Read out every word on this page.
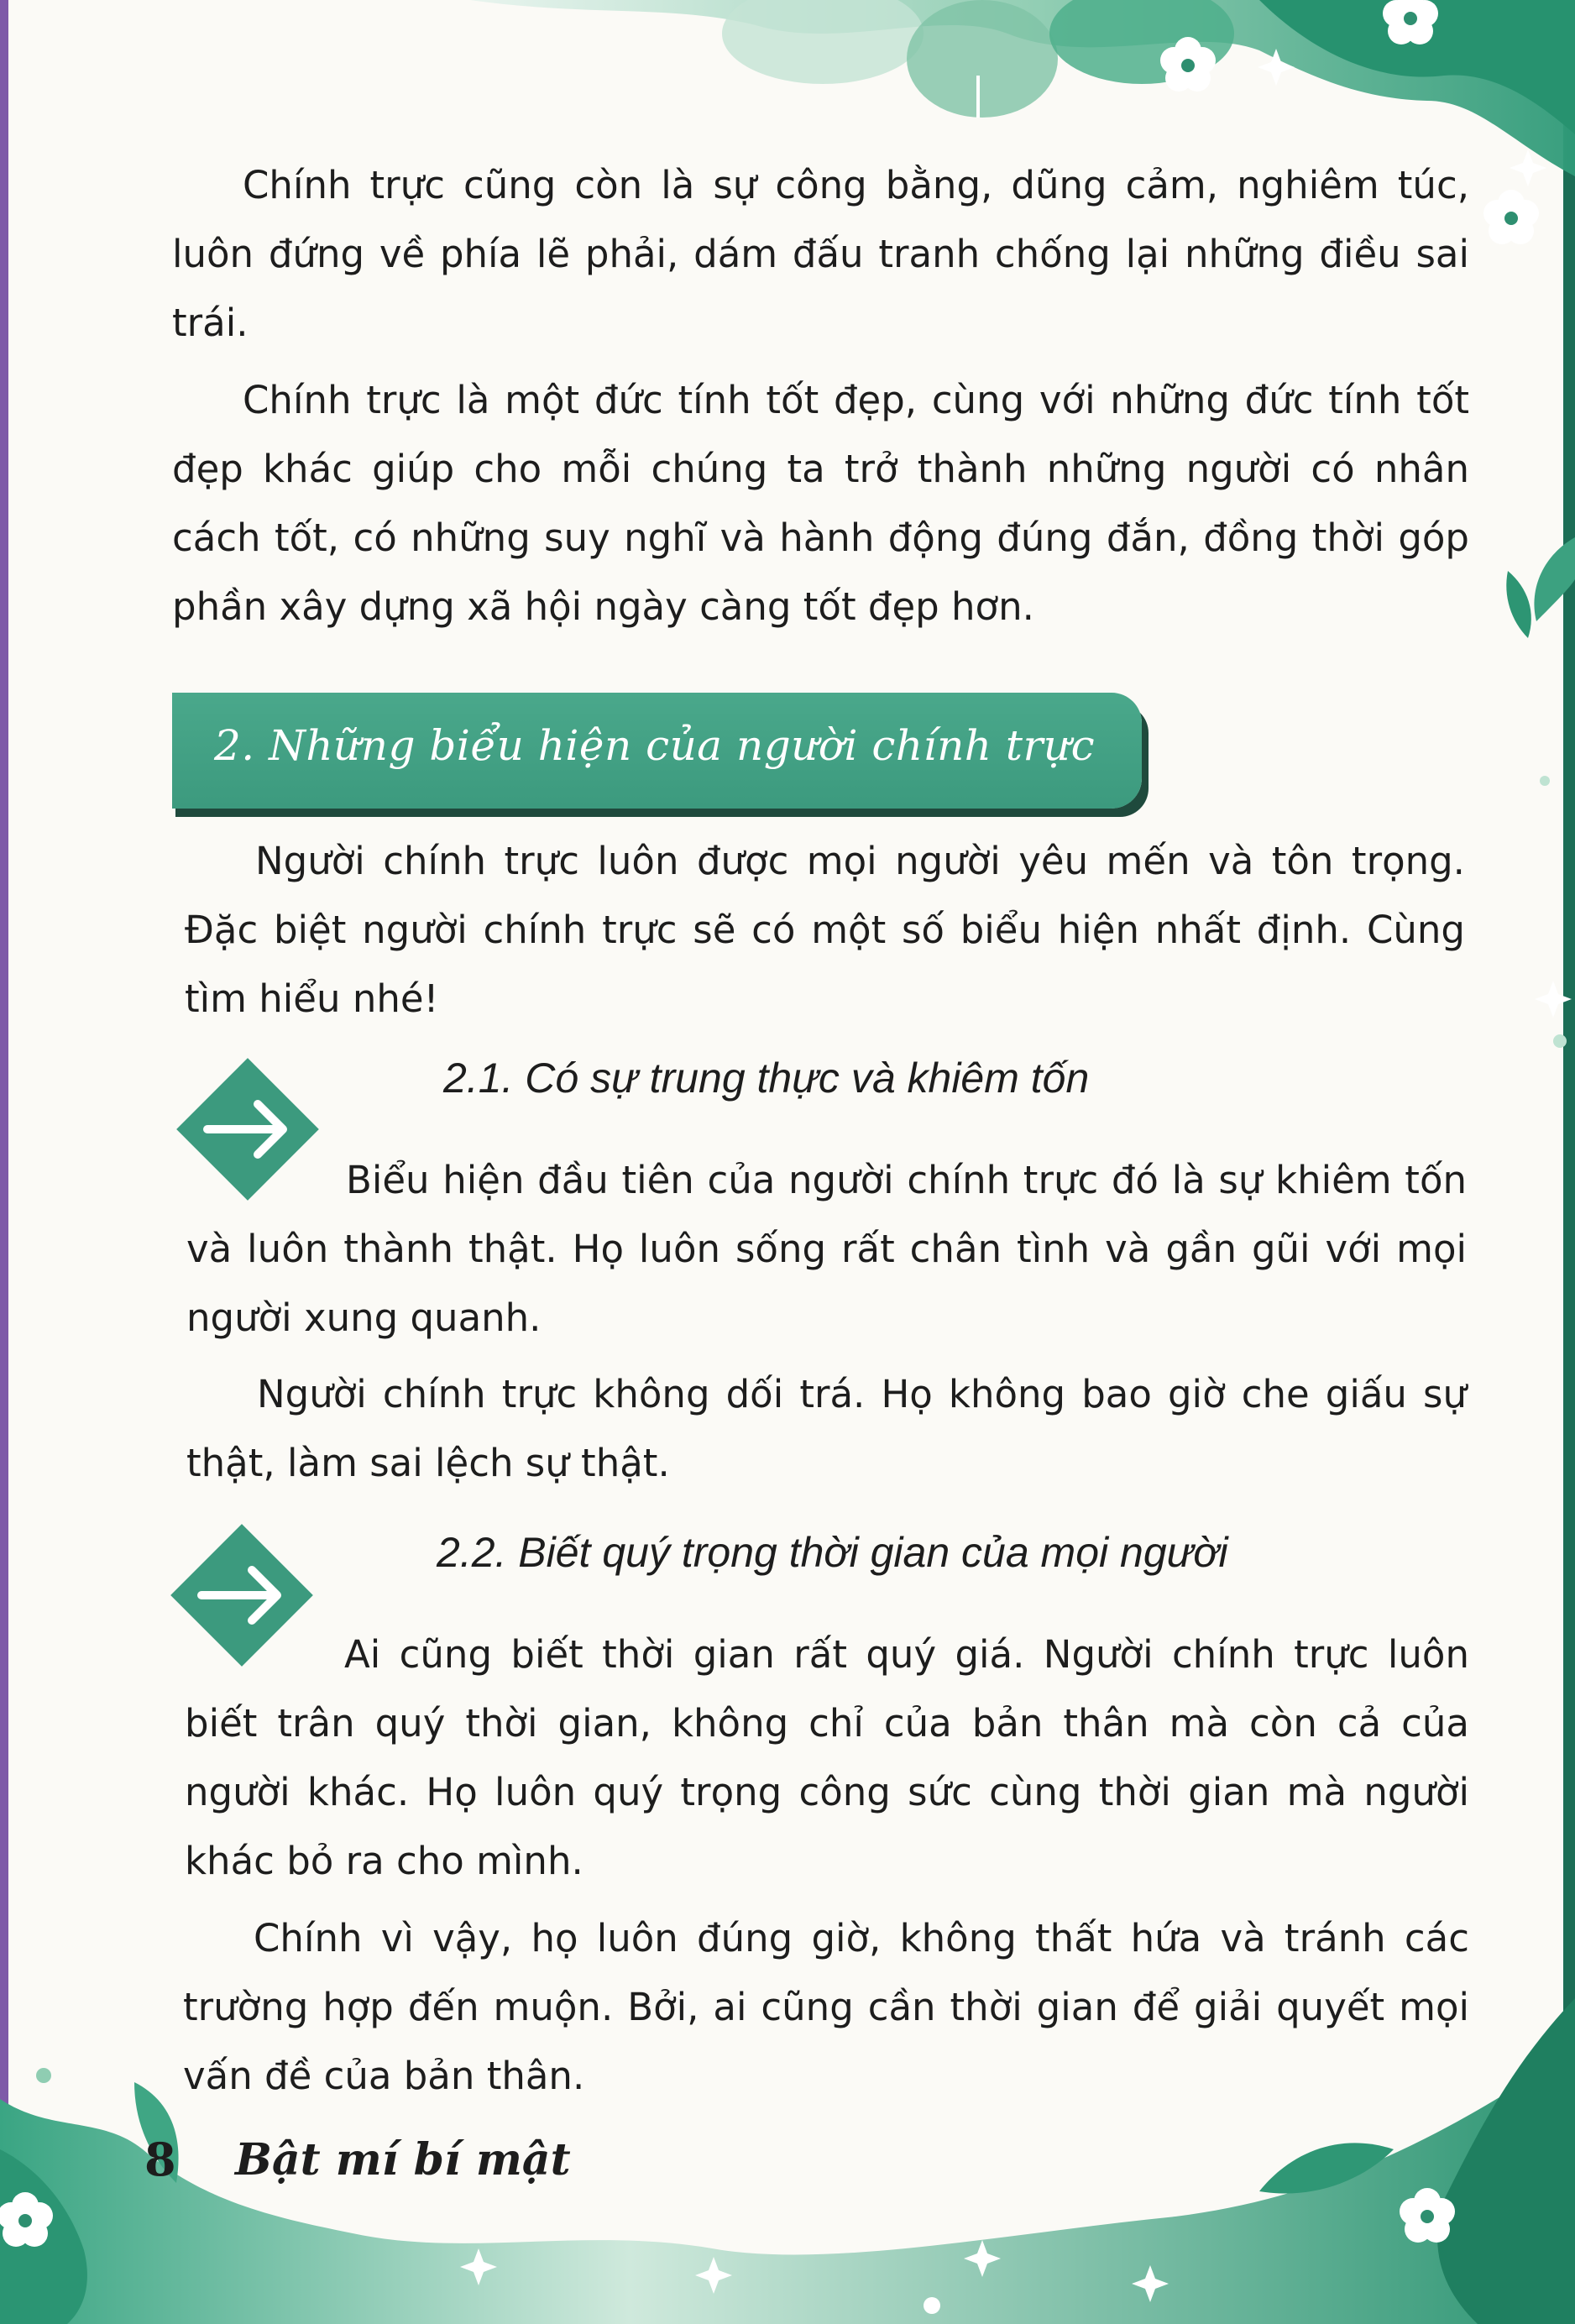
Chính trực cũng còn là sự công bằng, dũng cảm, nghiêm túc, luôn đứng về phía lẽ phải, dám đấu tranh chống lại những điều sai trái.

Chính trực là một đức tính tốt đẹp, cùng với những đức tính tốt đẹp khác giúp cho mỗi chúng ta trở thành những người có nhân cách tốt, có những suy nghĩ và hành động đúng đắn, đồng thời góp phần xây dựng xã hội ngày càng tốt đẹp hơn.

2. Những biểu hiện của người chính trực

Người chính trực luôn được mọi người yêu mến và tôn trọng. Đặc biệt người chính trực sẽ có một số biểu hiện nhất định. Cùng tìm hiểu nhé!

2.1. Có sự trung thực và khiêm tốn

Biểu hiện đầu tiên của người chính trực đó là sự khiêm tốn và luôn thành thật. Họ luôn sống rất chân tình và gần gũi với mọi người xung quanh.

Người chính trực không dối trá. Họ không bao giờ che giấu sự thật, làm sai lệch sự thật.

2.2. Biết quý trọng thời gian của mọi người

Ai cũng biết thời gian rất quý giá. Người chính trực luôn biết trân quý thời gian, không chỉ của bản thân mà còn cả của người khác. Họ luôn quý trọng công sức cùng thời gian mà người khác bỏ ra cho mình.

Chính vì vậy, họ luôn đúng giờ, không thất hứa và tránh các trường hợp đến muộn. Bởi, ai cũng cần thời gian để giải quyết mọi vấn đề của bản thân.

8 Bật mí bí mật
